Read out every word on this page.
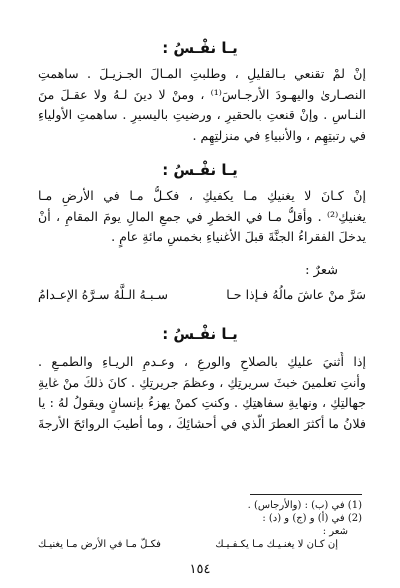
يـا نفْـسُ :
إنْ لمْ تقنعي بـالقليلِ ، وطلبتِ المـالَ الجـزيـلَ . ساهمتِ
النصـارىٰ واليهـودَ الأرجـاسَ⁽¹⁾ ، ومنْ لا دينَ لـهُ ولا عقـلَ منَ
النـاسِ . وإنْ قنعتِ بالحقيرِ ، ورضيتِ باليسيرِ . ساهمتِ الأولياءِ
في رتبتِهِم ، والأنبياءِ في منزلتِهِم .
يـا نفْـسُ :
إنْ كـانَ لا يغنيكِ مـا يكفيكِ ، فكـلُّ مـا في الأرضِ مـا
يغنيكِ⁽²⁾ . وأقلُّ مـا في الخطرِ في جمعِ المالِ يومَ المقامِ ، أنْ
يدخلَ الفقراءُ الجنَّةَ قبلَ الأغنياءِ بخمسِ مائةِ عامٍ .
شعرٌ :
سَرَّ منْ عاشَ مالُهُ فـإذا حـا
سـبـهُ الـلَّهُ سـرَّهُ الإعـدامُ
يـا نفْـسُ :
إذا أُثنيَ عليكِ بالصلاحِ والورعِ ، وعـدمِ الريـاءِ والطمـعِ .
وأنتِ تعلمينَ خبثَ سريرتِكِ ، وعظمَ جريرتِكِ . كانَ ذلكَ منْ غايةِ
جهالتِكِ ، ونهايةِ سفاهتِكِ . وكنتِ كمنْ يهزءُ بإنسانٍ ويقولُ لهُ : يا
فلانُ ما أكثرَ العطرَ الَّذي في أحشائِكَ ، وما أطيبَ الروائحَ الأرجةَ
(1) في (ب) : (والأرجاس) .
(2) في (أ) و (ج) و (د) :
شعر :
إن كـان لا يغنـيـك مـا يكـفـيـك
فكـلّ مـا في الأرض مـا يغنيـك
١٥٤
